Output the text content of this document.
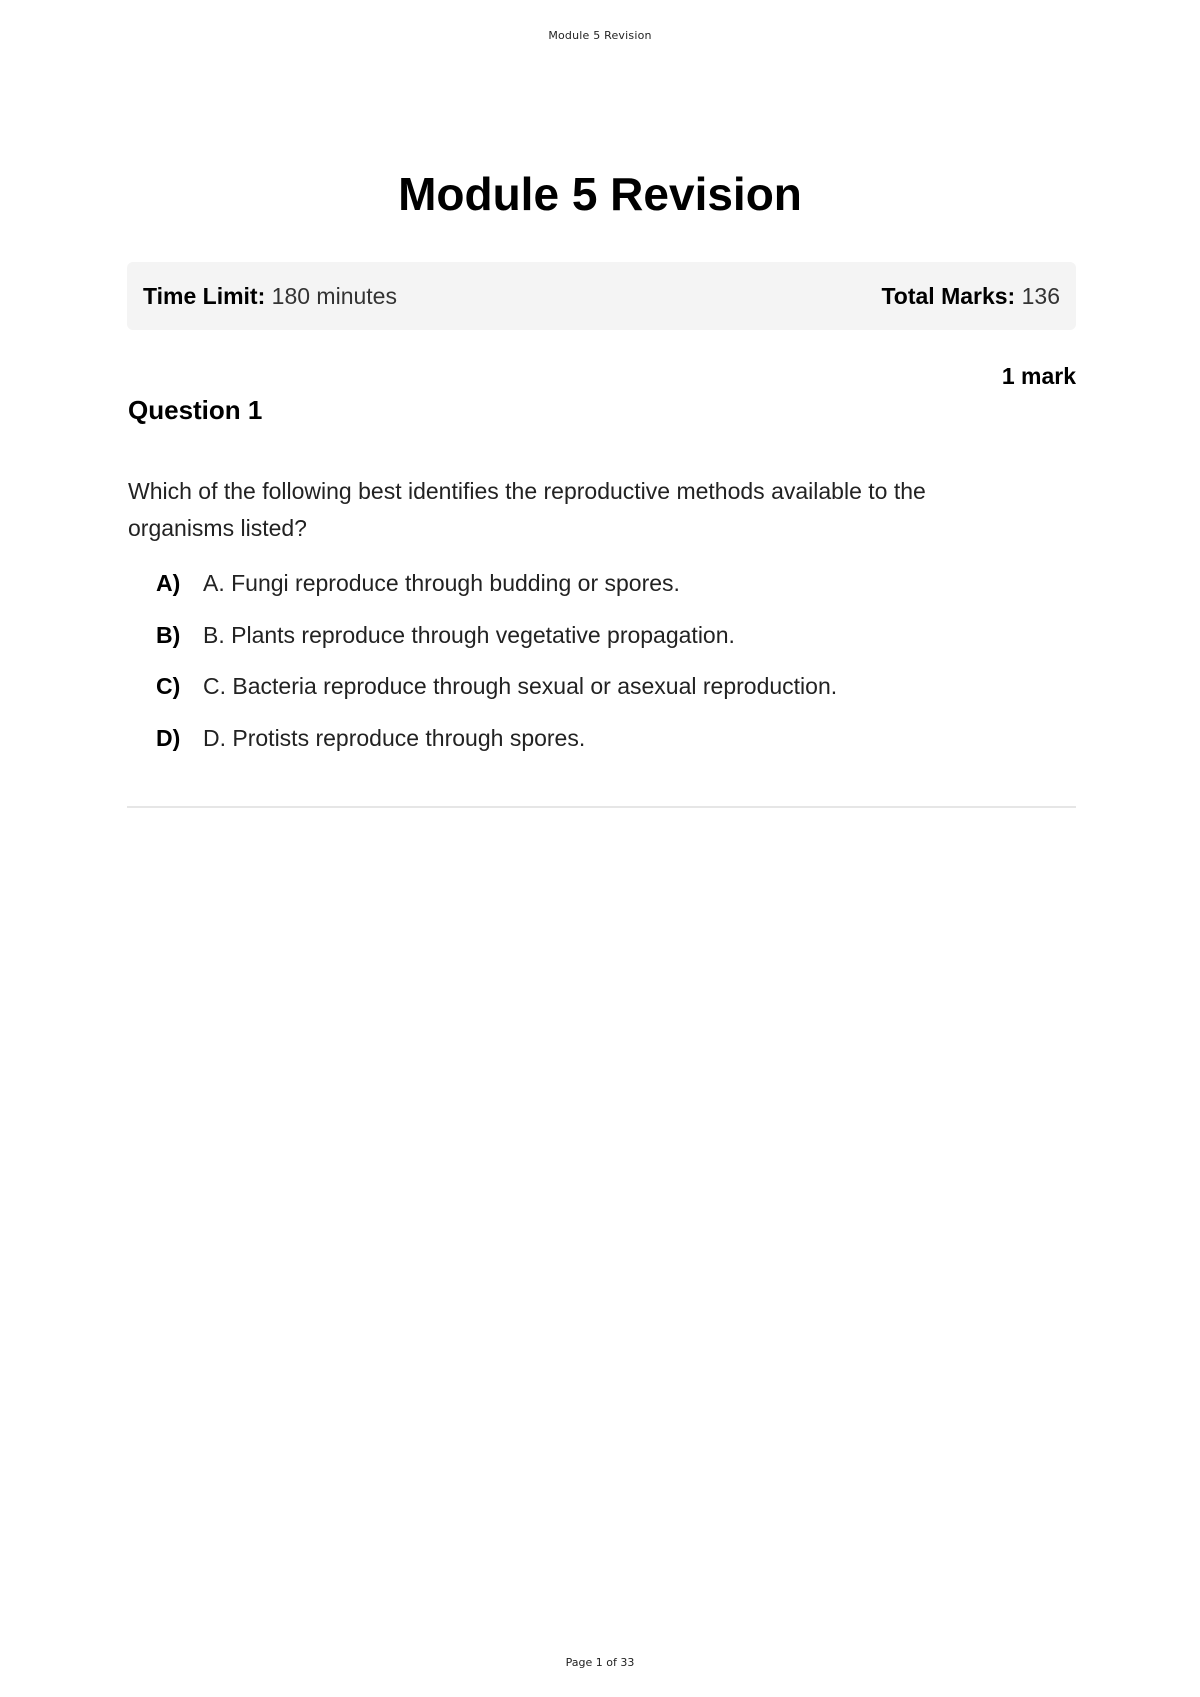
Module 5 Revision
Module 5 Revision
Time Limit: 180 minutes	Total Marks: 136
1 mark
Question 1

Which of the following best identifies the reproductive methods available to the organisms listed?

A) A. Fungi reproduce through budding or spores.
B) B. Plants reproduce through vegetative propagation.
C) C. Bacteria reproduce through sexual or asexual reproduction.
D) D. Protists reproduce through spores.
Page 1 of 33
